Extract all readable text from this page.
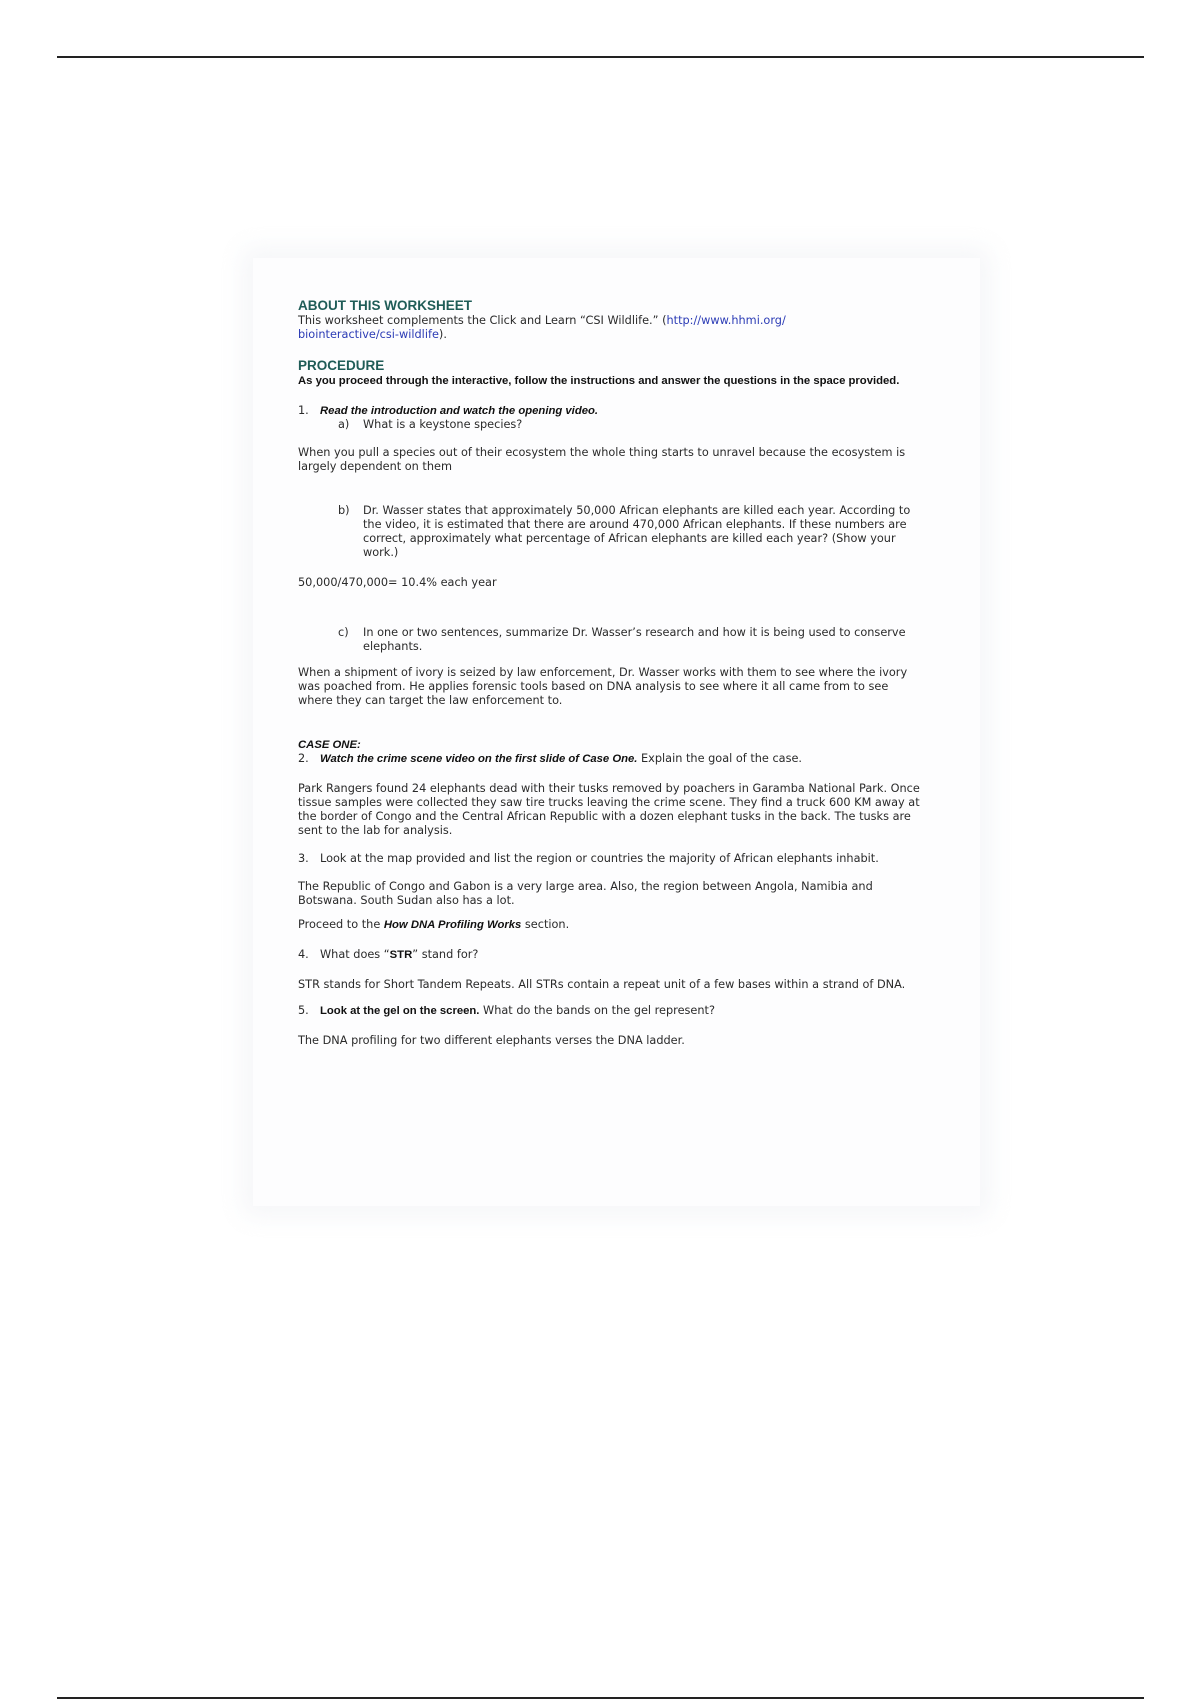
ABOUT THIS WORKSHEET

This worksheet complements the Click and Learn “CSI Wildlife.” (http://www.hhmi.org/
biointeractive/csi-wildlife).

PROCEDURE

As you proceed through the interactive, follow the instructions and answer the questions in the space provided.

1. Read the introduction and watch the opening video.

a) What is a keystone species?

When you pull a species out of their ecosystem the whole thing starts to unravel because the ecosystem is largely dependent on them

b) Dr. Wasser states that approximately 50,000 African elephants are killed each year. According to the video, it is estimated that there are around 470,000 African elephants. If these numbers are correct, approximately what percentage of African elephants are killed each year? (Show your work.)

50,000/470,000= 10.4% each year

c) In one or two sentences, summarize Dr. Wasser’s research and how it is being used to conserve elephants.

When a shipment of ivory is seized by law enforcement, Dr. Wasser works with them to see where the ivory was poached from. He applies forensic tools based on DNA analysis to see where it all came from to see where they can target the law enforcement to.

CASE ONE:

2. Watch the crime scene video on the first slide of Case One. Explain the goal of the case.

Park Rangers found 24 elephants dead with their tusks removed by poachers in Garamba National Park. Once tissue samples were collected they saw tire trucks leaving the crime scene. They find a truck 600 KM away at the border of Congo and the Central African Republic with a dozen elephant tusks in the back. The tusks are sent to the lab for analysis.

3. Look at the map provided and list the region or countries the majority of African elephants inhabit.

The Republic of Congo and Gabon is a very large area. Also, the region between Angola, Namibia and Botswana. South Sudan also has a lot.

Proceed to the How DNA Profiling Works section.

4. What does “STR” stand for?

STR stands for Short Tandem Repeats. All STRs contain a repeat unit of a few bases within a strand of DNA.

5. Look at the gel on the screen. What do the bands on the gel represent?

The DNA profiling for two different elephants verses the DNA ladder.
